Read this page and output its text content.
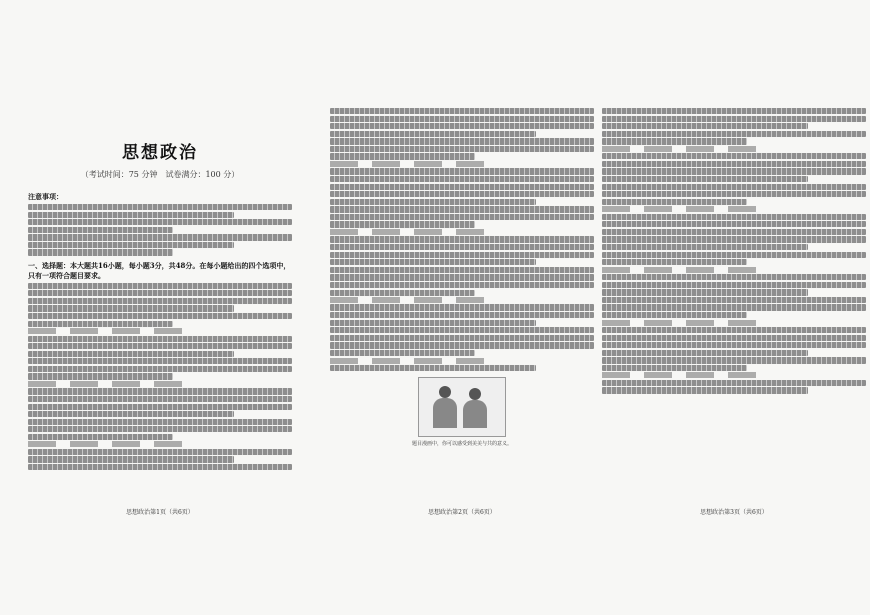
思想政治
（考试时间：75 分钟　试卷满分：100 分）
注意事项：
一、选择题：本大题共16小题，每小题3分，共48分。在每小题给出的四个选项中，只有一项符合题目要求。
思想政治第1页（共6页）
题目漫画中，你可以感受到美美与共的意义。
思想政治第2页（共6页）	思想政治第3页（共6页）
